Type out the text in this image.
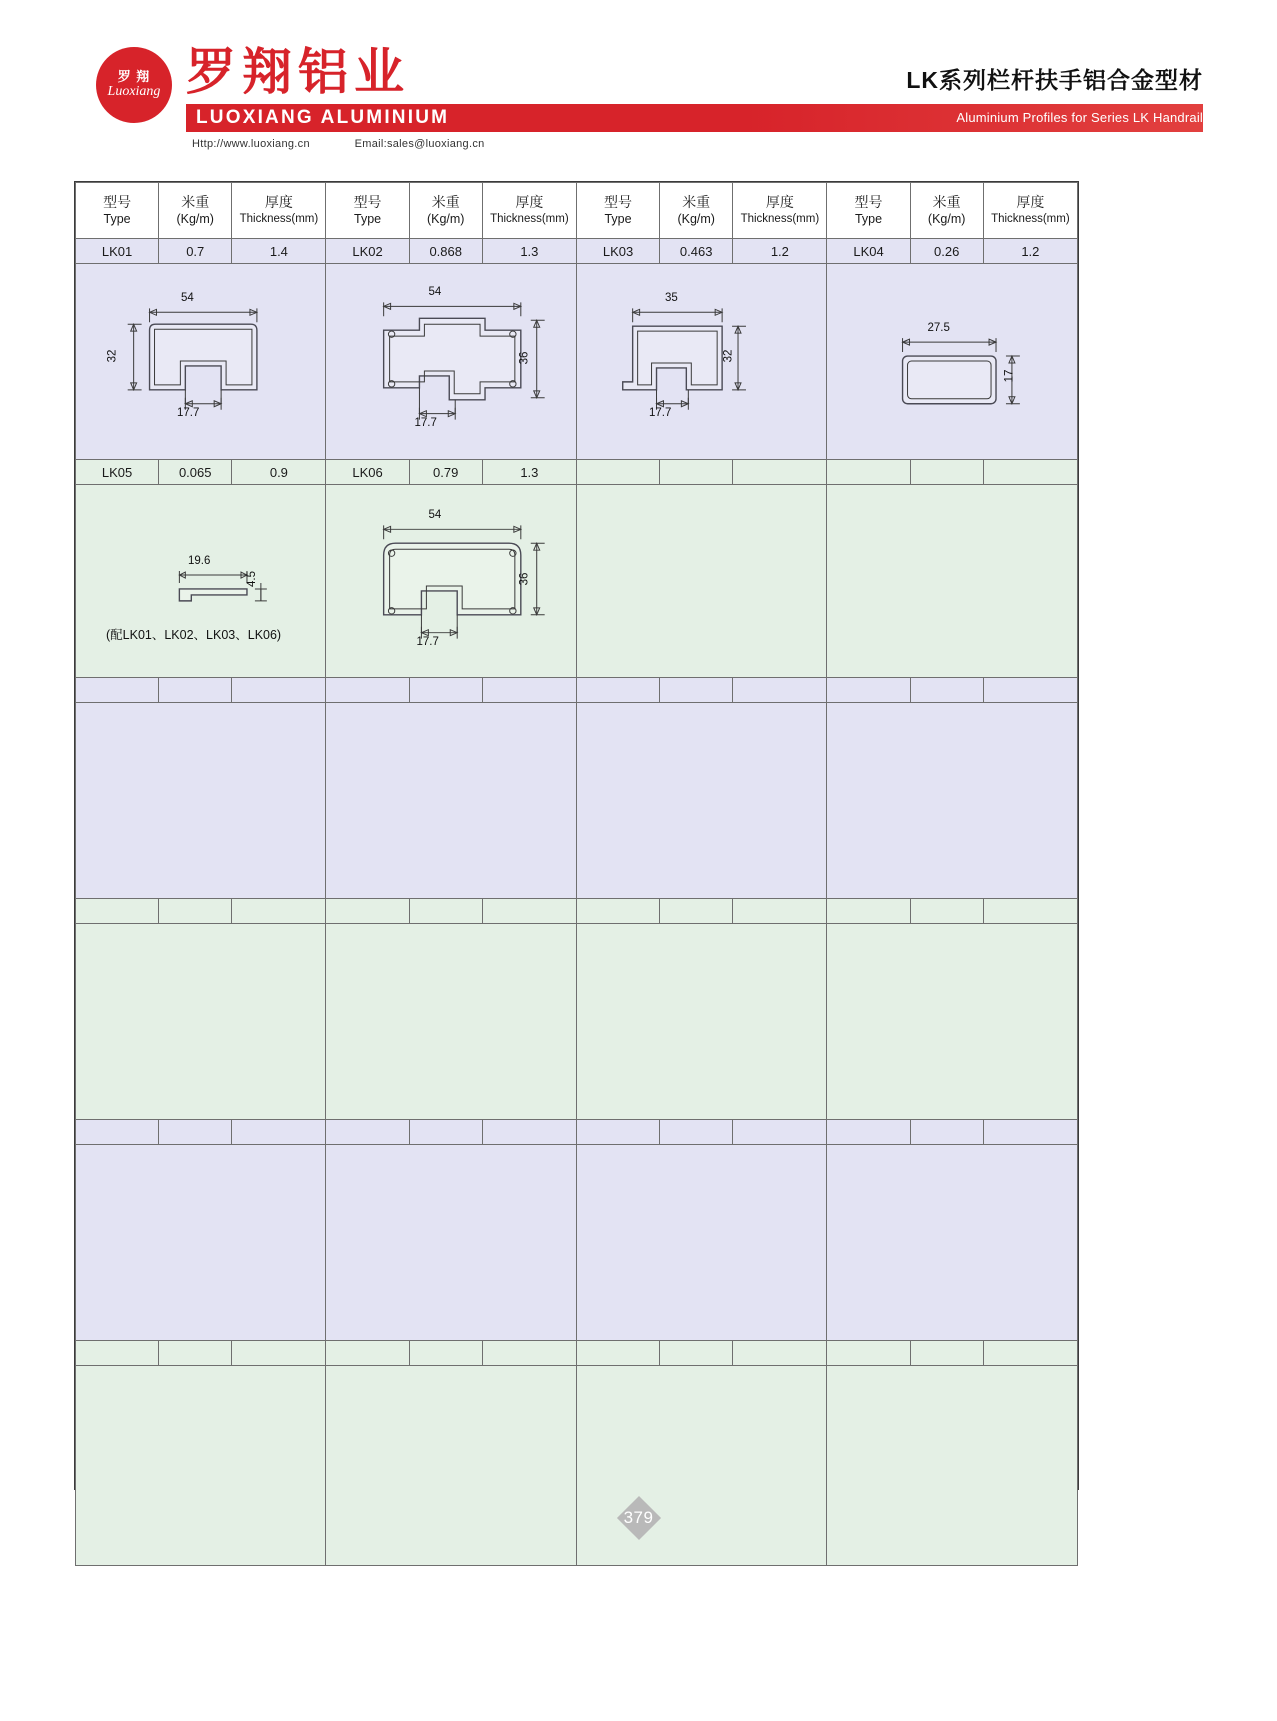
罗 翔
Luoxiang 罗翔铝业
LUOXIANG ALUMINIUM
Http://www.luoxiang.cn	Email:sales@luoxiang.cn
LK系列栏杆扶手铝合金型材
Aluminium Profiles for Series LK Handrail
型号
Type	米重
(Kg/m)	厚度
Thickness(mm)	型号
Type	米重
(Kg/m)	厚度
Thickness(mm)	型号
Type	米重
(Kg/m)	厚度
Thickness(mm)	型号
Type	米重
(Kg/m)	厚度
Thickness(mm)

LK01	0.7	1.4	LK02	0.868	1.3	LK03	0.463	1.2	LK04	0.26	1.2

54
32
17.7			54
36
17.7			35
32
17.7			27.5
17		

LK05	0.065	0.9	LK06	0.79	1.3						

19.6
4.5
(配LK01、LK02、LK03、LK06)			54
36
17.7								

379
